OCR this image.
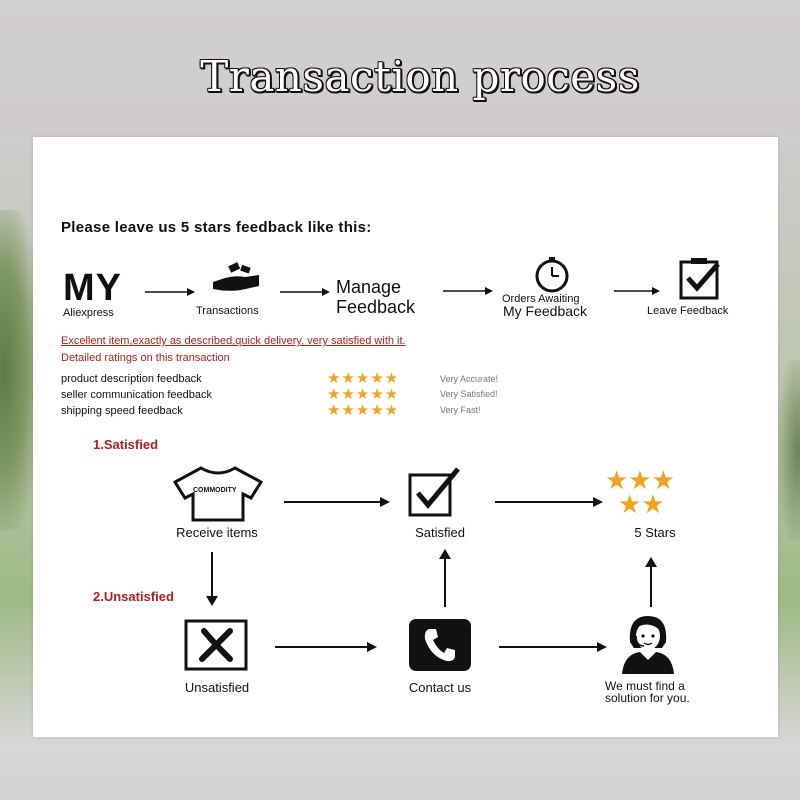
Transaction process
Please leave us 5 stars feedback like this:
MY
Aliexpress	Transactions
Manage
Feedback	Orders Awaiting
My Feedback	Leave Feedback
Excellent item,exactly as described,quick delivery, very satisfied with it.
Detailed ratings on this transaction
product description feedback	★★★★★	Very Accurate!
seller communication feedback	★★★★★	Very Satisfied!
shipping speed feedback	★★★★★	Very Fast!
1.Satisfied
2.Unsatisfied
COMMODITY
Receive items	Satisfied
★★★
★★
5 Stars
Unsatisfied	Contact us	We must find a solution for you.
